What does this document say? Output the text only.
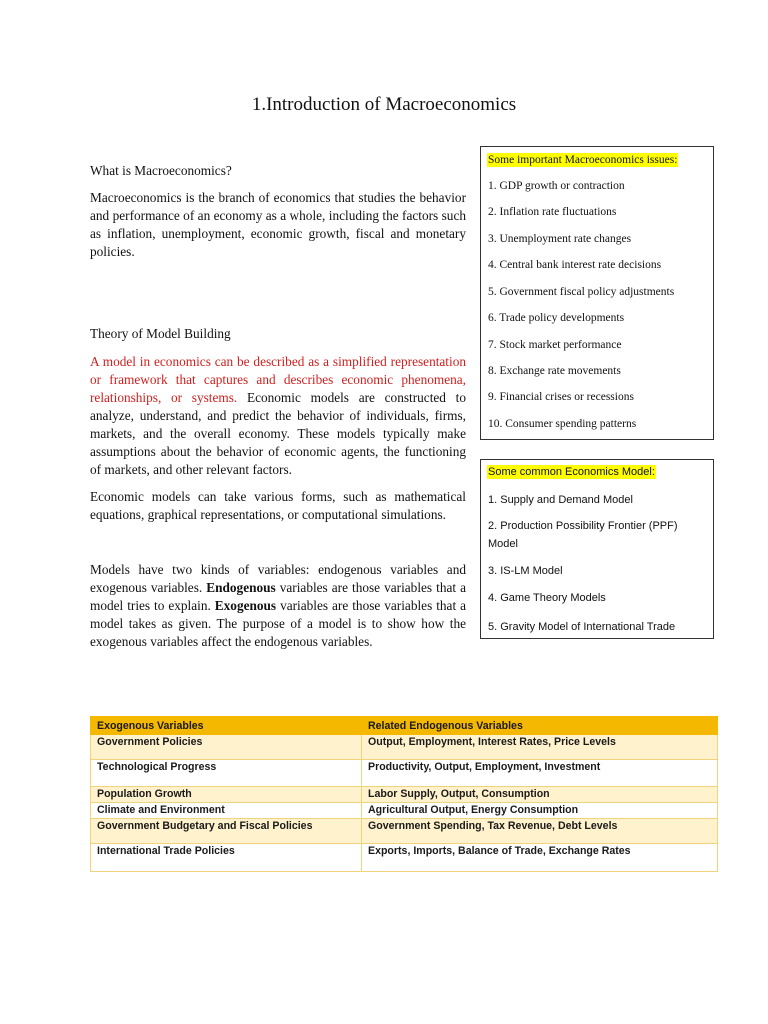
1.Introduction of Macroeconomics
What is Macroeconomics?
Macroeconomics is the branch of economics that studies the behavior and performance of an economy as a whole, including the factors such as inflation, unemployment, economic growth, fiscal and monetary policies.
Theory of Model Building
A model in economics can be described as a simplified representation or framework that captures and describes economic phenomena, relationships, or systems. Economic models are constructed to analyze, understand, and predict the behavior of individuals, firms, markets, and the overall economy. These models typically make assumptions about the behavior of economic agents, the functioning of markets, and other relevant factors.
Economic models can take various forms, such as mathematical equations, graphical representations, or computational simulations.
Models have two kinds of variables: endogenous variables and exogenous variables. Endogenous variables are those variables that a model tries to explain. Exogenous variables are those variables that a model takes as given. The purpose of a model is to show how the exogenous variables affect the endogenous variables.
Some important Macroeconomics issues:
1. GDP growth or contraction
2. Inflation rate fluctuations
3. Unemployment rate changes
4. Central bank interest rate decisions
5. Government fiscal policy adjustments
6. Trade policy developments
7. Stock market performance
8. Exchange rate movements
9. Financial crises or recessions
10. Consumer spending patterns
Some common Economics Model:
1. Supply and Demand Model
2. Production Possibility Frontier (PPF) Model
3. IS-LM Model
4. Game Theory Models
5. Gravity Model of International Trade
Exogenous Variables	Related Endogenous Variables
Government Policies	Output, Employment, Interest Rates, Price Levels
Technological Progress	Productivity, Output, Employment, Investment
Population Growth	Labor Supply, Output, Consumption
Climate and Environment	Agricultural Output, Energy Consumption
Government Budgetary and Fiscal Policies	Government Spending, Tax Revenue, Debt Levels
International Trade Policies	Exports, Imports, Balance of Trade, Exchange Rates
